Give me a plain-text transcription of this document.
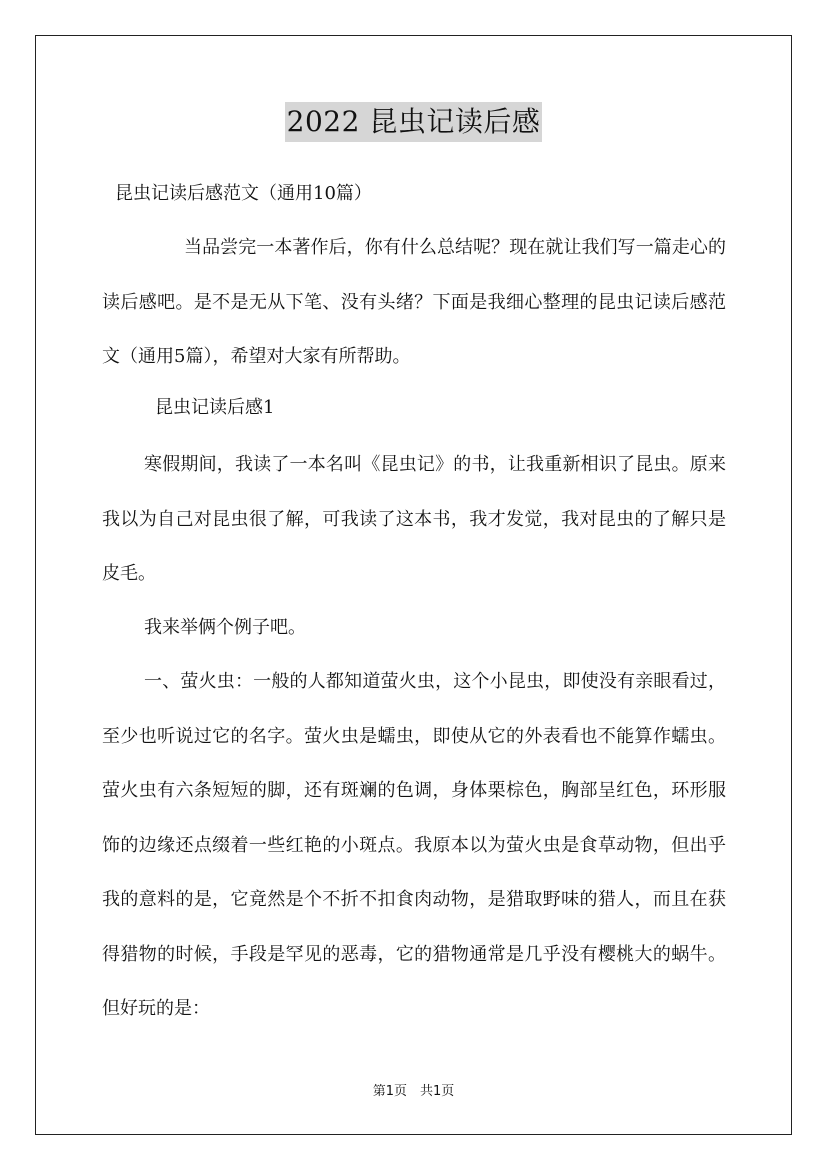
2022 昆虫记读后感
昆虫记读后感范文（通用10篇）

当品尝完一本著作后，你有什么总结呢？现在就让我们写一篇走心的读后感吧。是不是无从下笔、没有头绪？下面是我细心整理的昆虫记读后感范文（通用5篇），希望对大家有所帮助。

昆虫记读后感1

寒假期间，我读了一本名叫《昆虫记》的书，让我重新相识了昆虫。原来我以为自己对昆虫很了解，可我读了这本书，我才发觉，我对昆虫的了解只是皮毛。

我来举俩个例子吧。

一、萤火虫：一般的人都知道萤火虫，这个小昆虫，即使没有亲眼看过，至少也听说过它的名字。萤火虫是蠕虫，即使从它的外表看也不能算作蠕虫。萤火虫有六条短短的脚，还有斑斓的色调，身体栗棕色，胸部呈红色，环形服饰的边缘还点缀着一些红艳的小斑点。我原本以为萤火虫是食草动物，但出乎我的意料的是，它竟然是个不折不扣食肉动物，是猎取野味的猎人，而且在获得猎物的时候，手段是罕见的恶毒，它的猎物通常是几乎没有樱桃大的蜗牛。但好玩的是：

第1页　共1页
